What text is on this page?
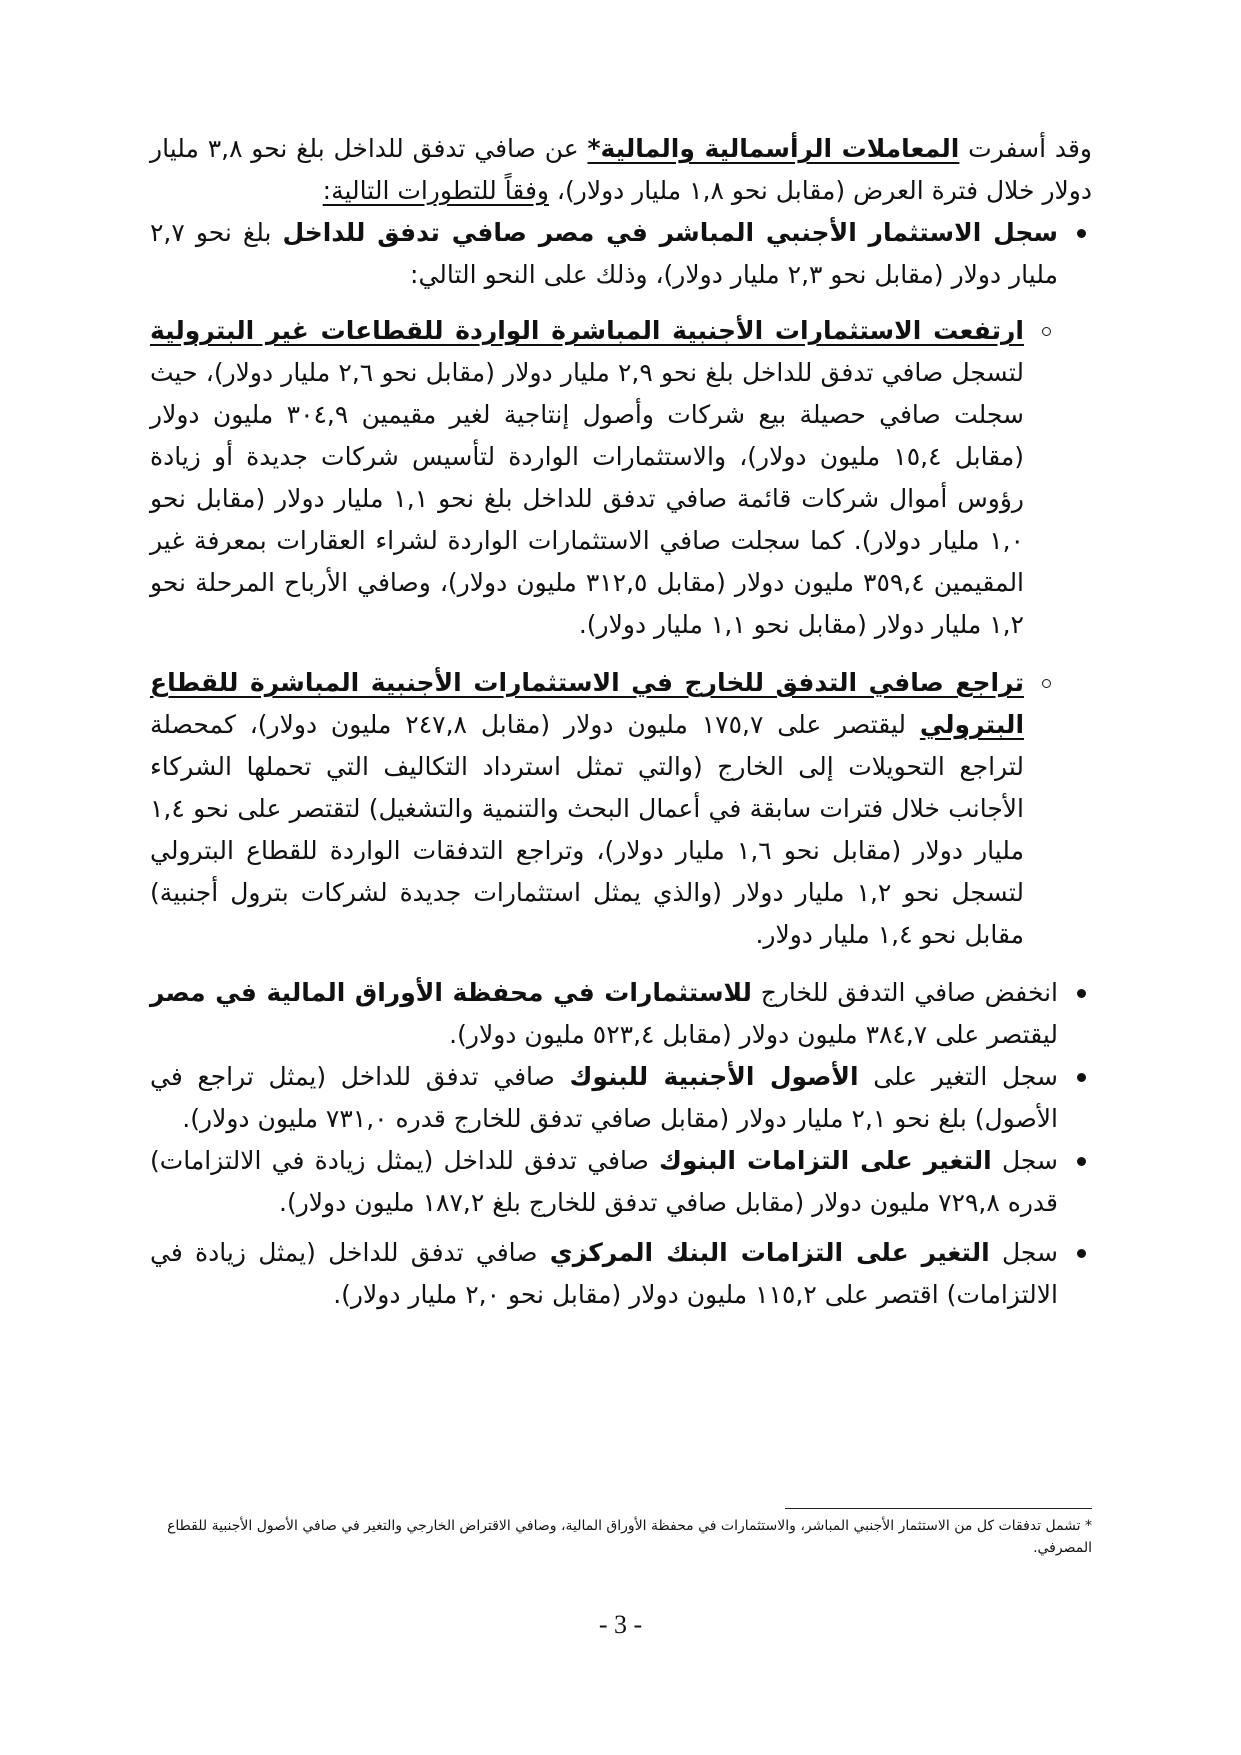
وقد أسفرت المعاملات الرأسمالية والمالية* عن صافي تدفق للداخل بلغ نحو ٣,٨ مليار دولار خلال فترة العرض (مقابل نحو ١,٨ مليار دولار)، وفقاً للتطورات التالية:

سجل الاستثمار الأجنبي المباشر في مصر صافي تدفق للداخل بلغ نحو ٢,٧ مليار دولار (مقابل نحو ٢,٣ مليار دولار)، وذلك على النحو التالي:
ارتفعت الاستثمارات الأجنبية المباشرة الواردة للقطاعات غير البترولية لتسجل صافي تدفق للداخل بلغ نحو ٢,٩ مليار دولار (مقابل نحو ٢,٦ مليار دولار)، حيث سجلت صافي حصيلة بيع شركات وأصول إنتاجية لغير مقيمين ٣٠٤,٩ مليون دولار (مقابل ١٥,٤ مليون دولار)، والاستثمارات الواردة لتأسيس شركات جديدة أو زيادة رؤوس أموال شركات قائمة صافي تدفق للداخل بلغ نحو ١,١ مليار دولار (مقابل نحو ١,٠ مليار دولار). كما سجلت صافي الاستثمارات الواردة لشراء العقارات بمعرفة غير المقيمين ٣٥٩,٤ مليون دولار (مقابل ٣١٢,٥ مليون دولار)، وصافي الأرباح المرحلة نحو ١,٢ مليار دولار (مقابل نحو ١,١ مليار دولار).
تراجع صافي التدفق للخارج في الاستثمارات الأجنبية المباشرة للقطاع البترولي ليقتصر على ١٧٥,٧ مليون دولار (مقابل ٢٤٧,٨ مليون دولار)، كمحصلة لتراجع التحويلات إلى الخارج (والتي تمثل استرداد التكاليف التي تحملها الشركاء الأجانب خلال فترات سابقة في أعمال البحث والتنمية والتشغيل) لتقتصر على نحو ١,٤ مليار دولار (مقابل نحو ١,٦ مليار دولار)، وتراجع التدفقات الواردة للقطاع البترولي لتسجل نحو ١,٢ مليار دولار (والذي يمثل استثمارات جديدة لشركات بترول أجنبية) مقابل نحو ١,٤ مليار دولار.
انخفض صافي التدفق للخارج للاستثمارات في محفظة الأوراق المالية في مصر ليقتصر على ٣٨٤,٧ مليون دولار (مقابل ٥٢٣,٤ مليون دولار).
سجل التغير على الأصول الأجنبية للبنوك صافي تدفق للداخل (يمثل تراجع في الأصول) بلغ نحو ٢,١ مليار دولار (مقابل صافي تدفق للخارج قدره ٧٣١,٠ مليون دولار).
سجل التغير على التزامات البنوك صافي تدفق للداخل (يمثل زيادة في الالتزامات) قدره ٧٢٩,٨ مليون دولار (مقابل صافي تدفق للخارج بلغ ١٨٧,٢ مليون دولار).
سجل التغير على التزامات البنك المركزي صافي تدفق للداخل (يمثل زيادة في الالتزامات) اقتصر على ١١٥,٢ مليون دولار (مقابل نحو ٢,٠ مليار دولار).
* تشمل تدفقات كل من الاستثمار الأجنبي المباشر، والاستثمارات في محفظة الأوراق المالية، وصافي الاقتراض الخارجي والتغير في صافي الأصول الأجنبية للقطاع المصرفي.
- 3 -
